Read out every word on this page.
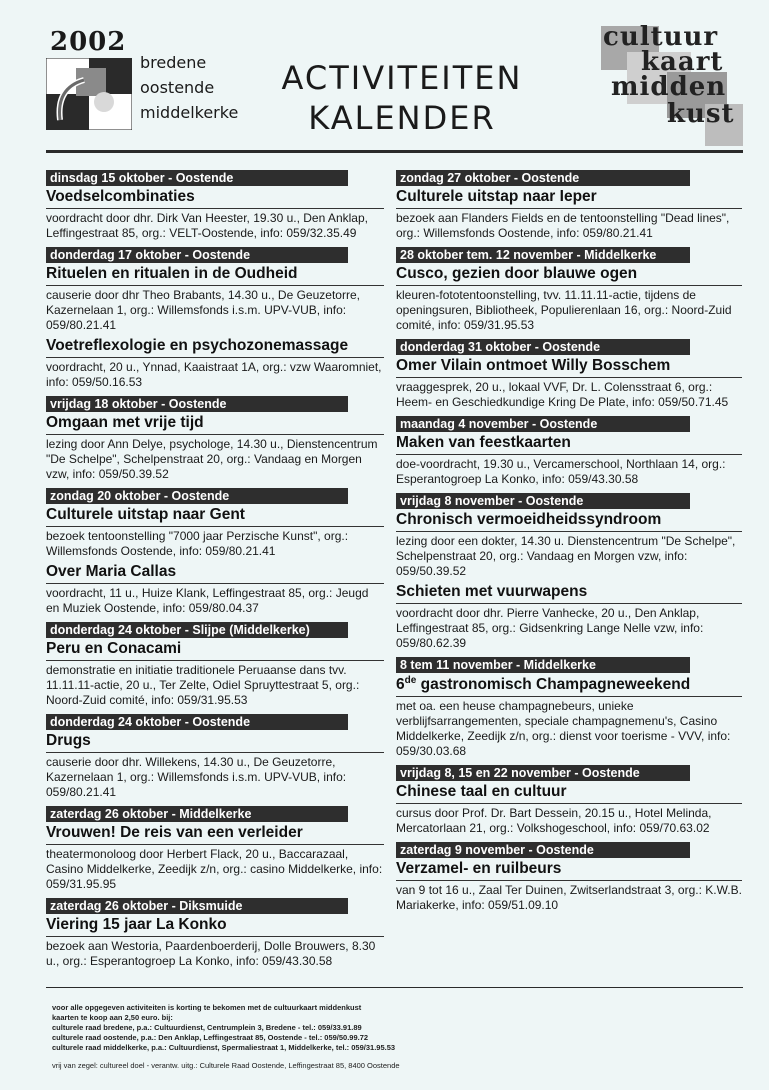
2002
bredene
oostende
middelkerke
ACTIVITEITEN
KALENDER
cultuur
kaart
midden
kust
dinsdag 15 oktober - Oostende
Voedselcombinaties
voordracht door dhr. Dirk Van Heester, 19.30 u., Den Anklap, Leffingestraat 85, org.: VELT-Oostende, info: 059/32.35.49
donderdag 17 oktober - Oostende
Rituelen en ritualen in de Oudheid
causerie door dhr Theo Brabants, 14.30 u., De Geuzetorre, Kazernelaan 1, org.: Willemsfonds i.s.m. UPV-VUB, info: 059/80.21.41
Voetreflexologie en psychozonemassage
voordracht, 20 u., Ynnad, Kaaistraat 1A, org.: vzw Waaromniet, info: 059/50.16.53
vrijdag 18 oktober - Oostende
Omgaan met vrije tijd
lezing door Ann Delye, psychologe, 14.30 u., Dienstencentrum "De Schelpe", Schelpenstraat 20, org.: Vandaag en Morgen vzw, info: 059/50.39.52
zondag 20 oktober - Oostende
Culturele uitstap naar Gent
bezoek tentoonstelling "7000 jaar Perzische Kunst", org.: Willemsfonds Oostende, info: 059/80.21.41
Over Maria Callas
voordracht, 11 u., Huize Klank, Leffingestraat 85, org.: Jeugd en Muziek Oostende, info: 059/80.04.37
donderdag 24 oktober - Slijpe (Middelkerke)
Peru en Conacami
demonstratie en initiatie traditionele Peruaanse dans tvv. 11.11.11-actie, 20 u., Ter Zelte, Odiel Spruyttestraat 5, org.: Noord-Zuid comité, info: 059/31.95.53
donderdag 24 oktober - Oostende
Drugs
causerie door dhr. Willekens, 14.30 u., De Geuzetorre, Kazernelaan 1, org.: Willemsfonds i.s.m. UPV-VUB, info: 059/80.21.41
zaterdag 26 oktober - Middelkerke
Vrouwen! De reis van een verleider
theatermonoloog door Herbert Flack, 20 u., Baccarazaal, Casino Middelkerke, Zeedijk z/n, org.: casino Middelkerke, info: 059/31.95.95
zaterdag 26 oktober - Diksmuide
Viering 15 jaar La Konko
bezoek aan Westoria, Paardenboerderij, Dolle Brouwers, 8.30 u., org.: Esperantogroep La Konko, info: 059/43.30.58
zondag 27 oktober - Oostende
Culturele uitstap naar Ieper
bezoek aan Flanders Fields en de tentoonstelling "Dead lines", org.: Willemsfonds Oostende, info: 059/80.21.41
28 oktober tem. 12 november - Middelkerke
Cusco, gezien door blauwe ogen
kleuren-fototentoonstelling, tvv. 11.11.11-actie, tijdens de openingsuren, Bibliotheek, Populierenlaan 16, org.: Noord-Zuid comité, info: 059/31.95.53
donderdag 31 oktober - Oostende
Omer Vilain ontmoet Willy Bosschem
vraaggesprek, 20 u., lokaal VVF, Dr. L. Colensstraat 6, org.: Heem- en Geschiedkundige Kring De Plate, info: 059/50.71.45
maandag 4 november - Oostende
Maken van feestkaarten
doe-voordracht, 19.30 u., Vercamerschool, Northlaan 14, org.: Esperantogroep La Konko, info: 059/43.30.58
vrijdag 8 november - Oostende
Chronisch vermoeidheidssyndroom
lezing door een dokter, 14.30 u. Dienstencentrum "De Schelpe", Schelpenstraat 20, org.: Vandaag en Morgen vzw, info: 059/50.39.52
Schieten met vuurwapens
voordracht door dhr. Pierre Vanhecke, 20 u., Den Anklap, Leffingestraat 85, org.: Gidsenkring Lange Nelle vzw, info: 059/80.62.39
8 tem 11 november - Middelkerke
6de gastronomisch Champagneweekend
met oa. een heuse champagnebeurs, unieke verblijfsarrangementen, speciale champagnemenu's, Casino Middelkerke, Zeedijk z/n, org.: dienst voor toerisme - VVV, info: 059/30.03.68
vrijdag 8, 15 en 22 november - Oostende
Chinese taal en cultuur
cursus door Prof. Dr. Bart Dessein, 20.15 u., Hotel Melinda, Mercatorlaan 21, org.: Volkshogeschool, info: 059/70.63.02
zaterdag 9 november - Oostende
Verzamel- en ruilbeurs
van 9 tot 16 u., Zaal Ter Duinen, Zwitserlandstraat 3, org.: K.W.B. Mariakerke, info: 059/51.09.10
voor alle opgegeven activiteiten is korting te bekomen met de cultuurkaart middenkust
kaarten te koop aan 2,50 euro. bij:
culturele raad bredene, p.a.: Cultuurdienst, Centrumplein 3, Bredene - tel.: 059/33.91.89
culturele raad oostende, p.a.: Den Anklap, Leffingestraat 85, Oostende - tel.: 059/50.99.72
culturele raad middelkerke, p.a.: Cultuurdienst, Spermaliestraat 1, Middelkerke, tel.: 059/31.95.53
vrij van zegel: cultureel doel - verantw. uitg.: Culturele Raad Oostende, Leffingestraat 85, 8400 Oostende
